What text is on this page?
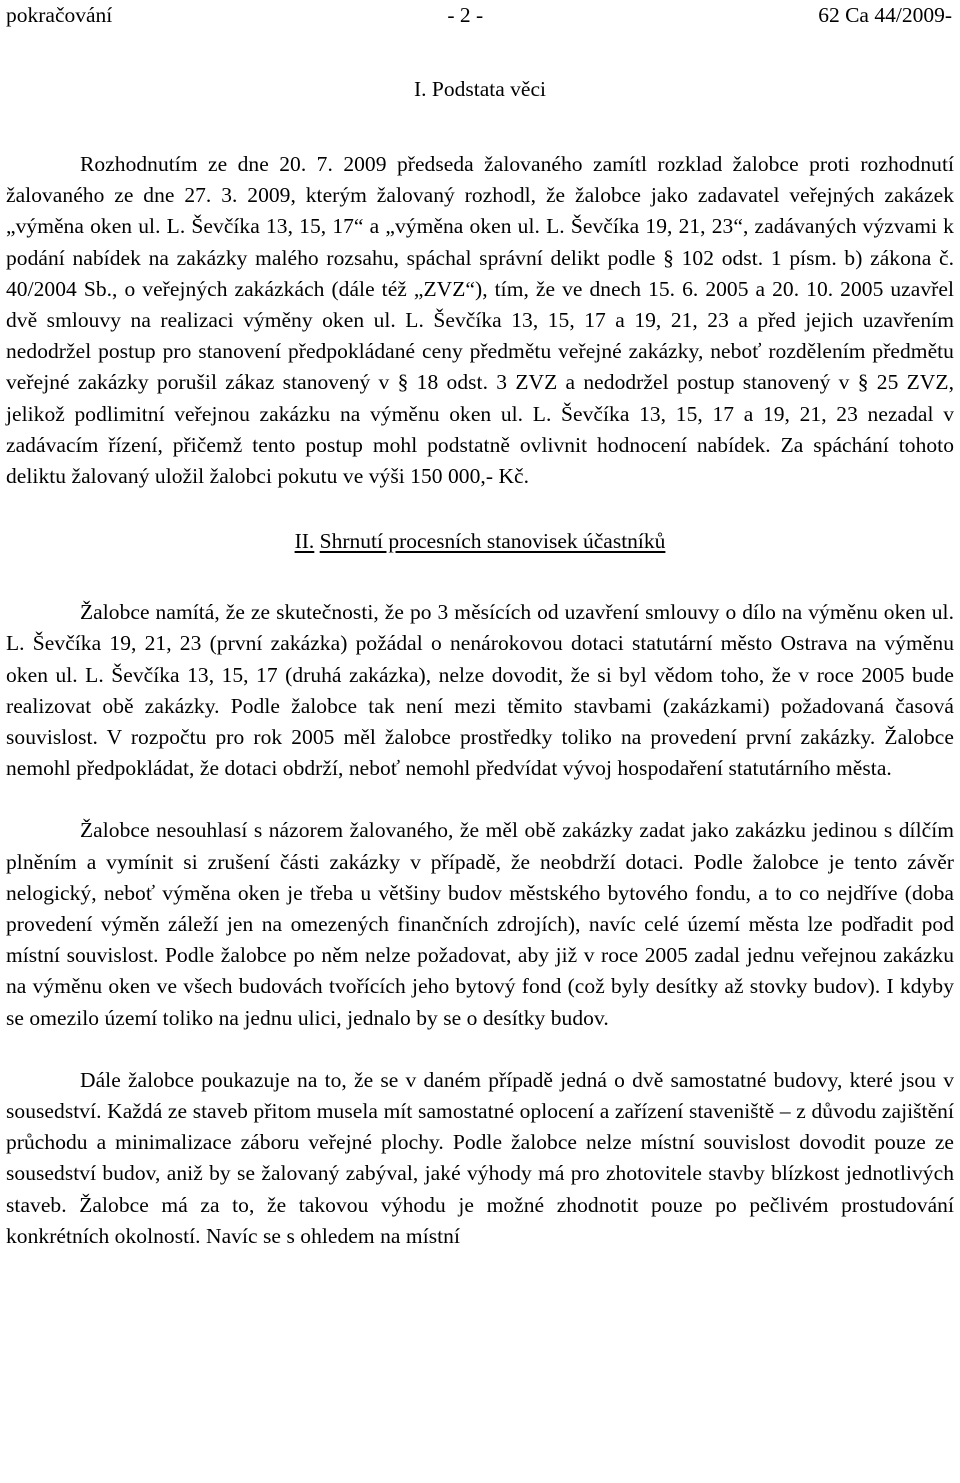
pokračování	- 2 -	62 Ca 44/2009-
I. Podstata věci

Rozhodnutím ze dne 20. 7. 2009 předseda žalovaného zamítl rozklad žalobce proti rozhodnutí žalovaného ze dne 27. 3. 2009, kterým žalovaný rozhodl, že žalobce jako zadavatel veřejných zakázek „výměna oken ul. L. Ševčíka 13, 15, 17“ a „výměna oken ul. L. Ševčíka 19, 21, 23“, zadávaných výzvami k podání nabídek na zakázky malého rozsahu, spáchal správní delikt podle § 102 odst. 1 písm. b) zákona č. 40/2004 Sb., o veřejných zakázkách (dále též „ZVZ“), tím, že ve dnech 15. 6. 2005 a 20. 10. 2005 uzavřel dvě smlouvy na realizaci výměny oken ul. L. Ševčíka 13, 15, 17 a 19, 21, 23 a před jejich uzavřením nedodržel postup pro stanovení předpokládané ceny předmětu veřejné zakázky, neboť rozdělením předmětu veřejné zakázky porušil zákaz stanovený v § 18 odst. 3 ZVZ a nedodržel postup stanovený v § 25 ZVZ, jelikož podlimitní veřejnou zakázku na výměnu oken ul. L. Ševčíka 13, 15, 17 a 19, 21, 23 nezadal v zadávacím řízení, přičemž tento postup mohl podstatně ovlivnit hodnocení nabídek. Za spáchání tohoto deliktu žalovaný uložil žalobci pokutu ve výši 150 000,- Kč.

II. Shrnutí procesních stanovisek účastníků

Žalobce namítá, že ze skutečnosti, že po 3 měsících od uzavření smlouvy o dílo na výměnu oken ul. L. Ševčíka 19, 21, 23 (první zakázka) požádal o nenárokovou dotaci statutární město Ostrava na výměnu oken ul. L. Ševčíka 13, 15, 17 (druhá zakázka), nelze dovodit, že si byl vědom toho, že v roce 2005 bude realizovat obě zakázky. Podle žalobce tak není mezi těmito stavbami (zakázkami) požadovaná časová souvislost. V rozpočtu pro rok 2005 měl žalobce prostředky toliko na provedení první zakázky. Žalobce nemohl předpokládat, že dotaci obdrží, neboť nemohl předvídat vývoj hospodaření statutárního města.

Žalobce nesouhlasí s názorem žalovaného, že měl obě zakázky zadat jako zakázku jedinou s dílčím plněním a vymínit si zrušení části zakázky v případě, že neobdrží dotaci. Podle žalobce je tento závěr nelogický, neboť výměna oken je třeba u většiny budov městského bytového fondu, a to co nejdříve (doba provedení výměn záleží jen na omezených finančních zdrojích), navíc celé území města lze podřadit pod místní souvislost. Podle žalobce po něm nelze požadovat, aby již v roce 2005 zadal jednu veřejnou zakázku na výměnu oken ve všech budovách tvořících jeho bytový fond (což byly desítky až stovky budov). I kdyby se omezilo území toliko na jednu ulici, jednalo by se o desítky budov.

Dále žalobce poukazuje na to, že se v daném případě jedná o dvě samostatné budovy, které jsou v sousedství. Každá ze staveb přitom musela mít samostatné oplocení a zařízení staveniště – z důvodu zajištění průchodu a minimalizace záboru veřejné plochy. Podle žalobce nelze místní souvislost dovodit pouze ze sousedství budov, aniž by se žalovaný zabýval, jaké výhody má pro zhotovitele stavby blízkost jednotlivých staveb. Žalobce má za to, že takovou výhodu je možné zhodnotit pouze po pečlivém prostudování konkrétních okolností. Navíc se s ohledem na místní
